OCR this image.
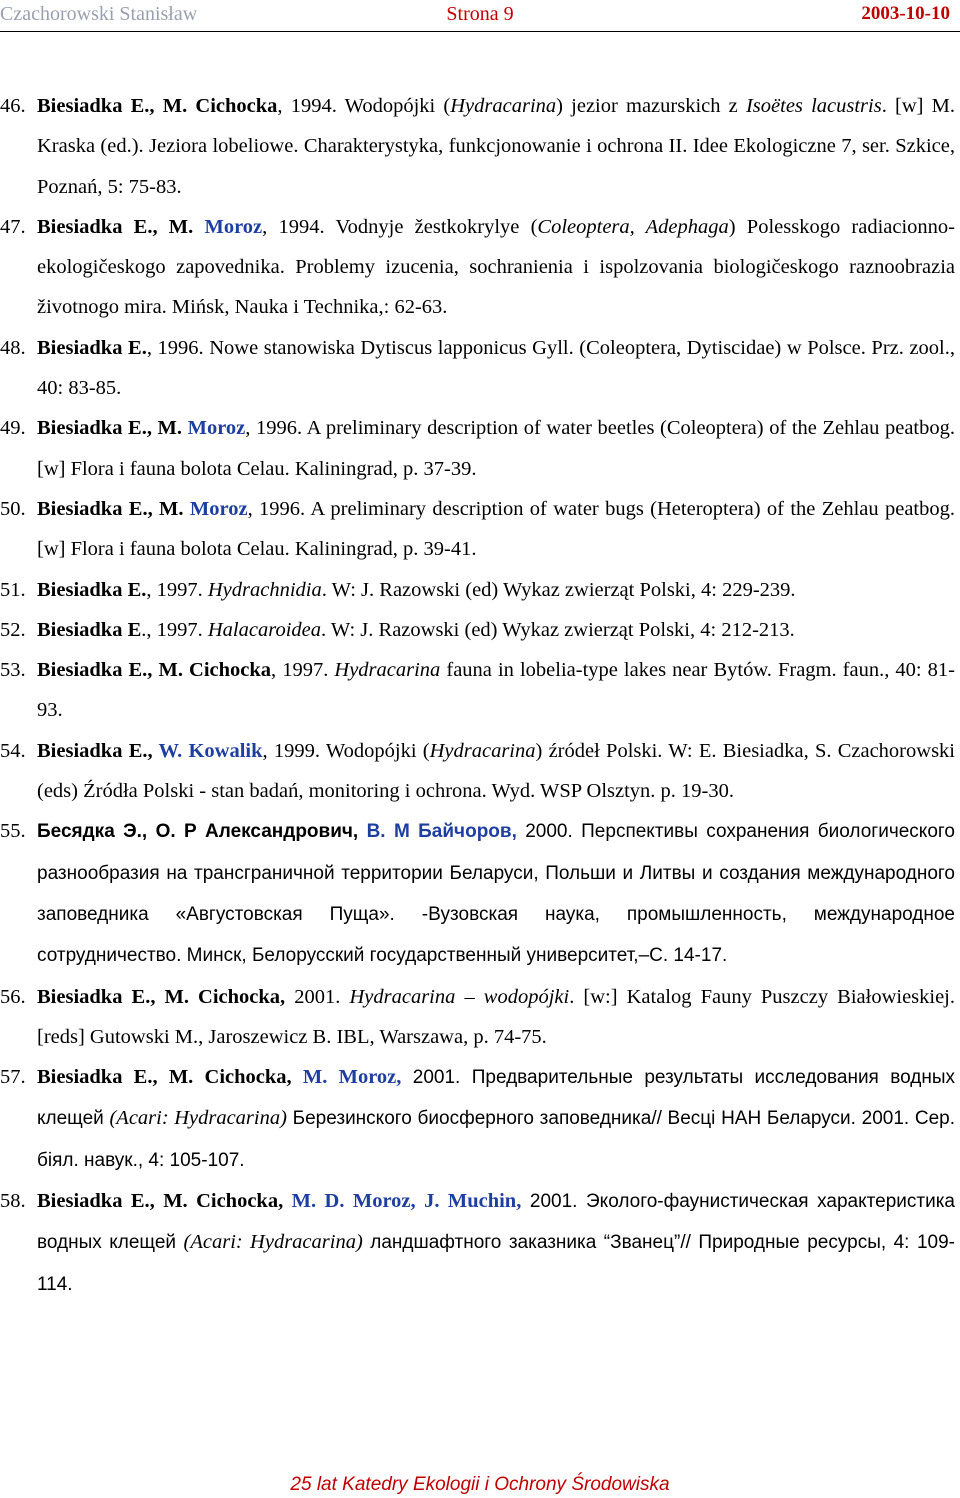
Strona 9
Czachorowski Stanisław	2003-10-10
46. Biesiadka E., M. Cichocka, 1994. Wodopójki (Hydracarina) jezior mazurskich z Isoëtes lacustris. [w] M. Kraska (ed.). Jeziora lobeliowe. Charakterystyka, funkcjonowanie i ochrona II. Idee Ekologiczne 7, ser. Szkice, Poznań, 5: 75-83.
47. Biesiadka E., M. Moroz, 1994. Vodnyje žestkokrylye (Coleoptera, Adephaga) Polesskogo radiacionno-ekologičeskogo zapovednika. Problemy izucenia, sochranienia i ispolzovania biologičeskogo raznoobrazia životnogo mira. Mińsk, Nauka i Technika,: 62-63.
48. Biesiadka E., 1996. Nowe stanowiska Dytiscus lapponicus Gyll. (Coleoptera, Dytiscidae) w Polsce. Prz. zool., 40: 83-85.
49. Biesiadka E., M. Moroz, 1996. A preliminary description of water beetles (Coleoptera) of the Zehlau peatbog. [w] Flora i fauna bolota Celau. Kaliningrad, p. 37-39.
50. Biesiadka E., M. Moroz, 1996. A preliminary description of water bugs (Heteroptera) of the Zehlau peatbog. [w] Flora i fauna bolota Celau. Kaliningrad, p. 39-41.
51. Biesiadka E., 1997. Hydrachnidia. W: J. Razowski (ed) Wykaz zwierząt Polski, 4: 229-239.
52. Biesiadka E., 1997. Halacaroidea. W: J. Razowski (ed) Wykaz zwierząt Polski, 4: 212-213.
53. Biesiadka E., M. Cichocka, 1997. Hydracarina fauna in lobelia-type lakes near Bytów. Fragm. faun., 40: 81-93.
54. Biesiadka E., W. Kowalik, 1999. Wodopójki (Hydracarina) źródeł Polski. W: E. Biesiadka, S. Czachorowski (eds) Źródła Polski - stan badań, monitoring i ochrona. Wyd. WSP Olsztyn. p. 19-30.
55. Бесядка Э., О. Р Александрович, В. М Байчоров, 2000. Перспективы сохранения биологического разнообразия на трансграничной территории Беларуси, Польши и Литвы и создания международного заповедника «Августовская Пуща». -Вузовская наука, промышленность, международное сотрудничество. Минск, Белорусский государственный университет,–С. 14-17.
56. Biesiadka E., M. Cichocka, 2001. Hydracarina – wodopójki. [w:] Katalog Fauny Puszczy Białowieskiej. [reds] Gutowski M., Jaroszewicz B. IBL, Warszawa, p. 74-75.
57. Biesiadka E., M. Cichocka, M. Moroz, 2001. Предварительные результаты исследования водных клещей (Acari: Hydracarina) Березинского биосферного заповедника// Весці НАН Беларуси. 2001. Сер. біял. навук., 4: 105-107.
58. Biesiadka E., M. Cichocka, M. D. Moroz, J. Muchin, 2001. Эколого-фаунистическая характеристика водных клещей (Acari: Hydracarina) ландшафтного заказника “Званец”// Природные ресурсы, 4: 109-114.
25 lat Katedry Ekologii i Ochrony Środowiska
